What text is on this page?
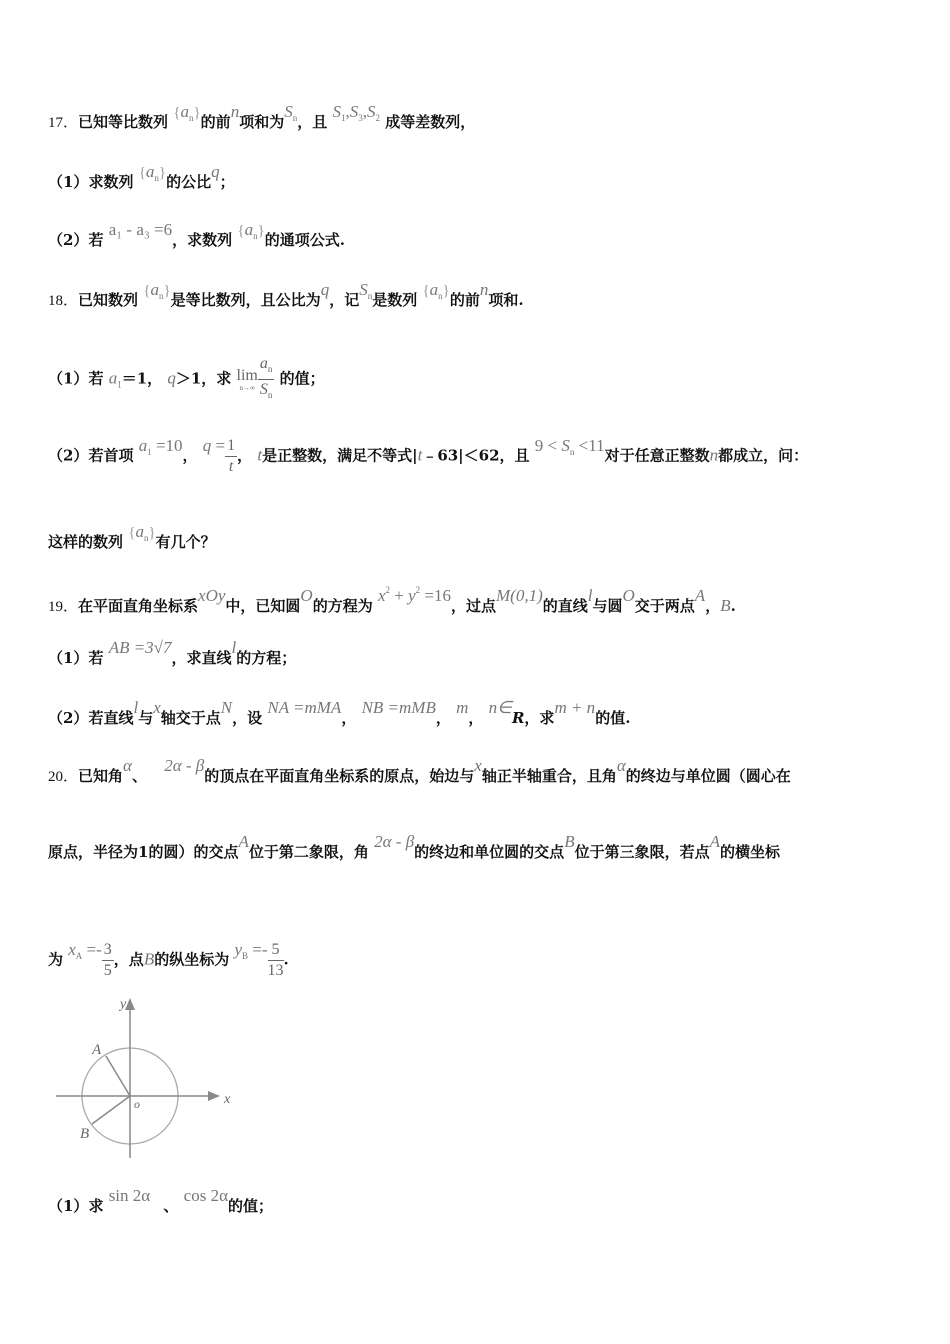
17．已知等比数列 $\{a_n\}$的前n项和为$S^n$，且 $S_1,S_3,S_2$ 成等差数列，
（1）求数列 $\{a_n\}$的公比q；
（2）若 a₁ - a₃ =6，求数列 $\{a_n\}$的通项公式.
18．已知数列 $\{a_n\}$是等比数列，且公比为q，记$S^n$是数列 $\{a_n\}$的前n项和.
（1）若 $a_1=1$， q＞1，求 lim
$n\to\infty \frac{a_n}{S_n}$ 的值；
（2）若首项 $a_1 =10$， $q = \frac{1}{t}$ ， t是正整数，满足不等式|t﹣63|＜62，且 $9 < S_n <11$对于任意正整数n都成立，问：
这样的数列 $\{a_n\}$有几个？
19．在平面直角坐标系xOy中，已知圆O的方程为 $x^2 + y^2 =16$，过点M(0,1)的直线l与圆O交于两点A，B.
（1）若 AB =3√7，求直线l的方程；
（2）若直线l与x轴交于点N，设 NA =mMA， NB =mMB， m， n∈R，求m + n的值.
20．已知角α、 2α - β的顶点在平面直角坐标系的原点，始边与x轴正半轴重合，且角α的终边与单位圆（圆心在
原点，半径为1的圆）的交点A位于第二象限，角 2α - β的终边和单位圆的交点B位于第三象限，若点A的横坐标
为 $x_A =- \frac{3}{5}$ ，点B的纵坐标为 $y_B =- \frac{5}{13}$ .
y
x
o
A
B
（1）求 sin 2α 、 cos 2α的值；
